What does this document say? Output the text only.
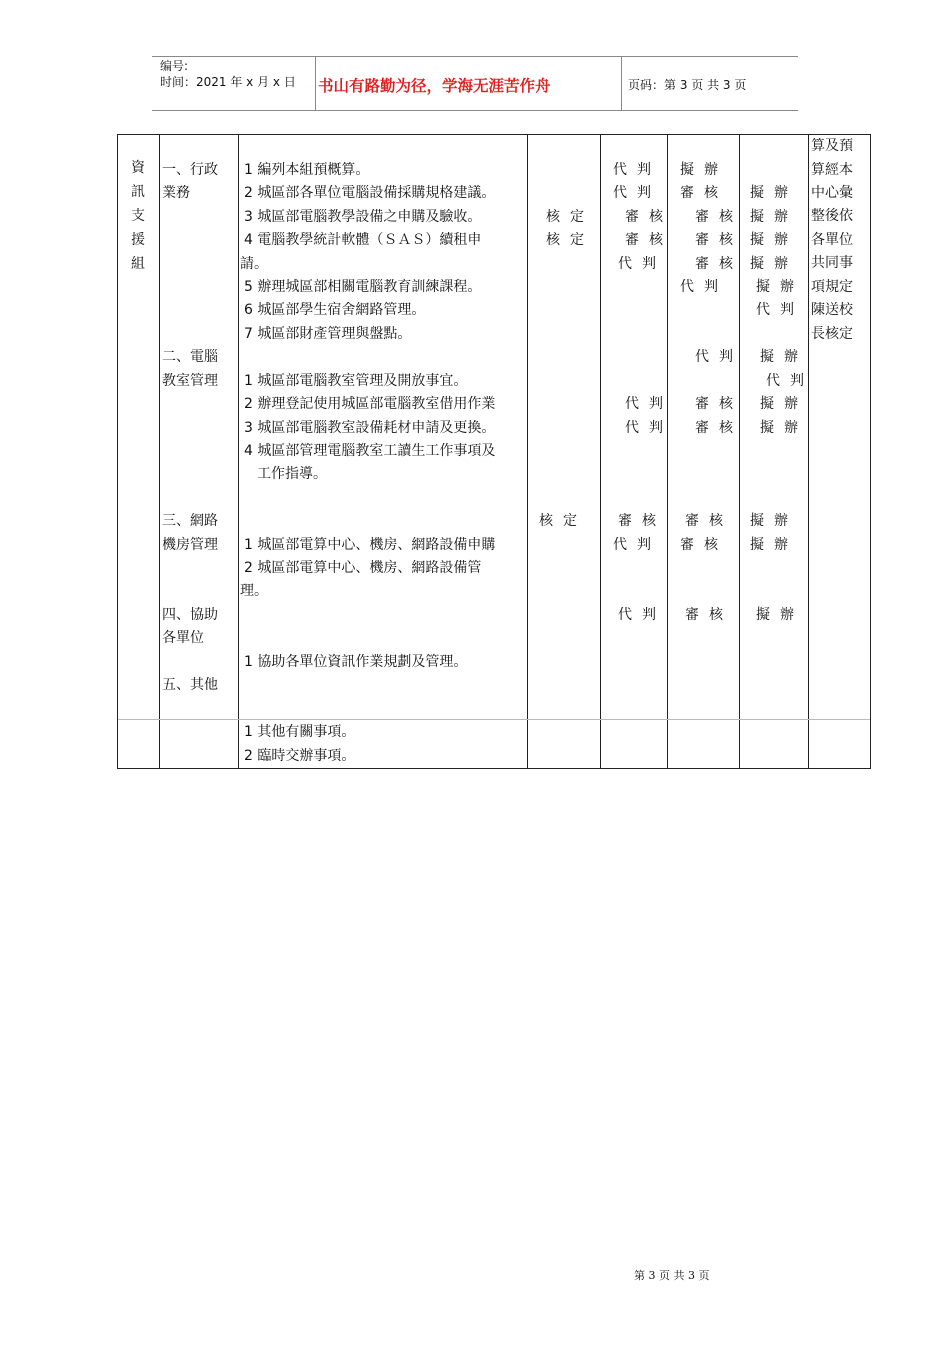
编号:
时间：2021 年 x 月 x 日 书山有路勤为径，学海无涯苦作舟	页码：第 3 页 共 3 页
資
訊
支
援
組
算及預
算經本
中心彙
整後依
各單位
共同事
項規定
陳送校
長核定
一、行政
業務
1 編列本組預概算。
2 城區部各單位電腦設備採購規格建議。
3 城區部電腦教學設備之申購及驗收。
4 電腦教學統計軟體（ＳＡＳ）續租申
請。
5 辦理城區部相關電腦教育訓練課程。
6 城區部學生宿舍網路管理。
7 城區部財產管理與盤點。
核定
核定
代判
代判
審核
審核
代判
擬辦
審核
審核
審核
審核
代判
擬辦
擬辦
擬辦
擬辦
擬辦
代判
二、電腦
教室管理 1 城區部電腦教室管理及開放事宜。
2 辦理登記使用城區部電腦教室借用作業
3 城區部電腦教室設備耗材申請及更換。
4 城區部管理電腦教室工讀生工作事項及
工作指導。
代判
代判
代判
審核
審核
擬辦
代判
擬辦
擬辦
三、網路
機房管理 1 城區部電算中心、機房、網路設備申購
2 城區部電算中心、機房、網路設備管
理。
核定 審核
代判
審核
審核
擬辦
擬辦
四、協助
各單位
1 協助各單位資訊作業規劃及管理。
代判 審核 擬辦
五、其他
1 其他有關事項。
2 臨時交辦事項。
第 3 页 共 3 页
